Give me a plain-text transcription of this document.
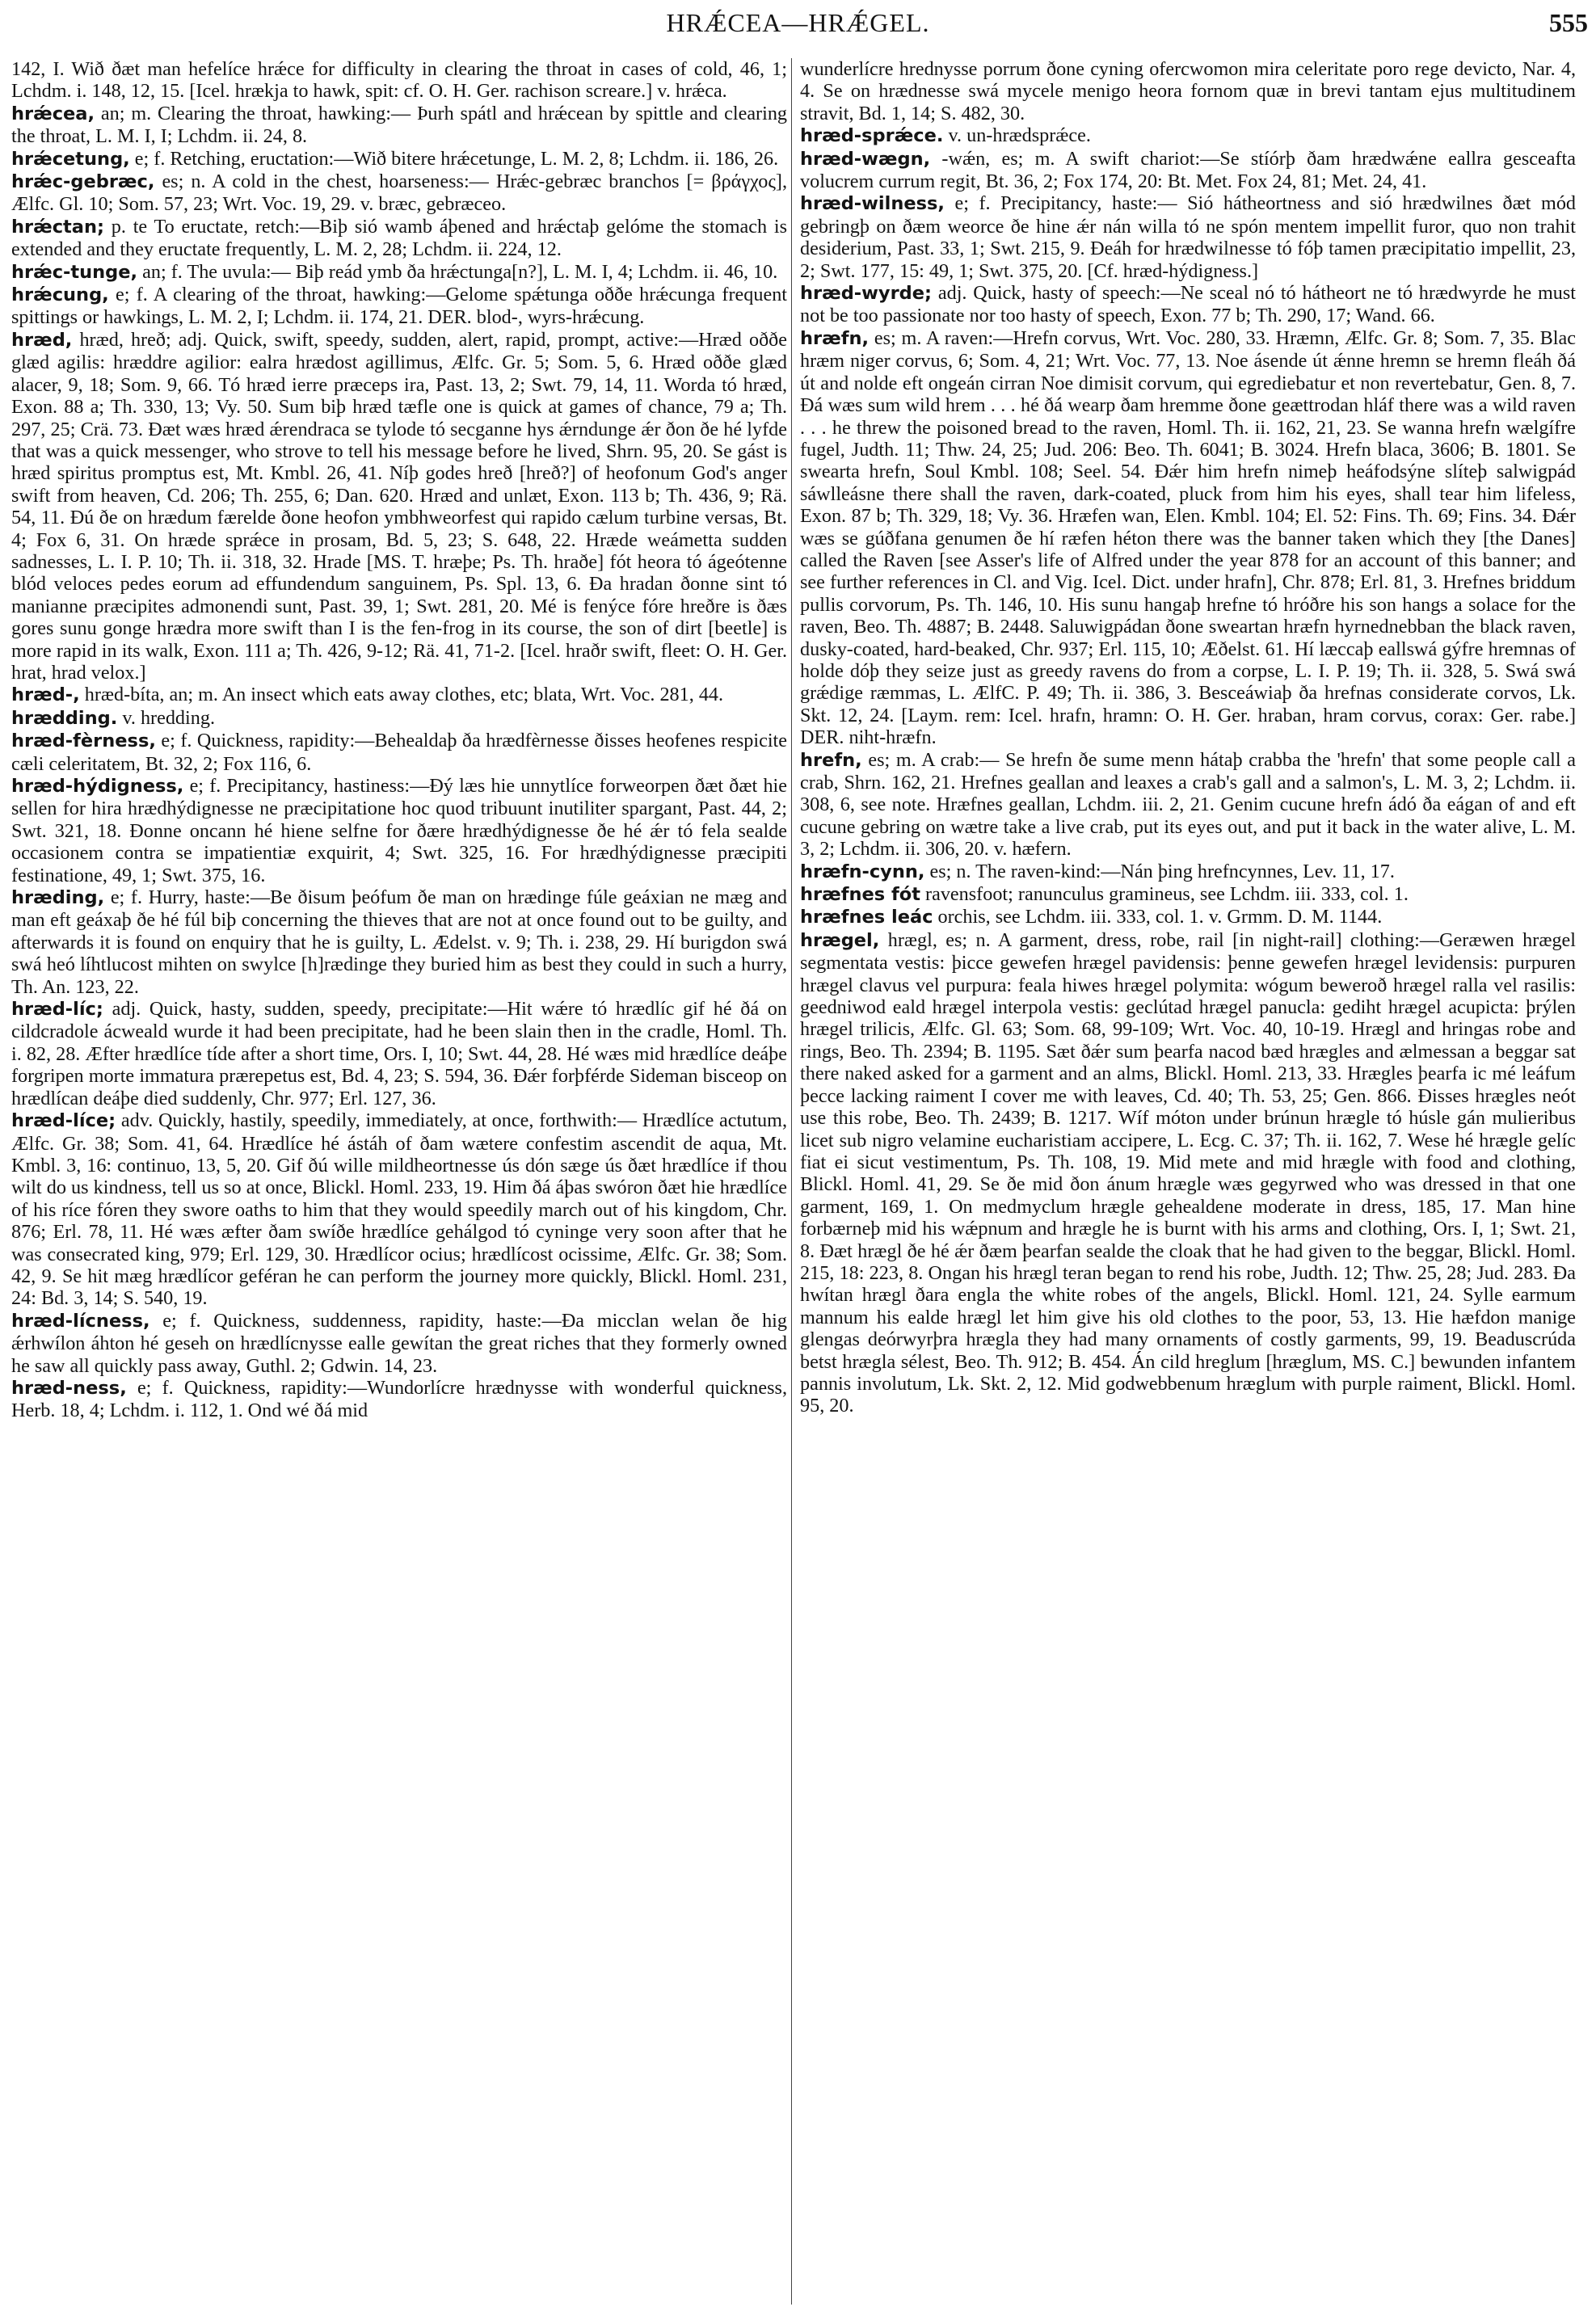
HRǼCEA—HRǼGEL.	555
142, I. Wið ðæt man hefelíce hrǽce for difficulty in clearing the throat in cases of cold, 46, 1; Lchdm. i. 148, 12, 15. [Icel. hrækja to hawk, spit: cf. O. H. Ger. rachison screare.] v. hrǽca.
hrǽcea, an; m. Clearing the throat, hawking:— Þurh spátl and hrǽcean by spittle and clearing the throat, L. M. I, I; Lchdm. ii. 24, 8.
hrǽcetung, e; f. Retching, eructation:—Wið bitere hrǽcetunge, L. M. 2, 8; Lchdm. ii. 186, 26.
hrǽc-gebræc, es; n. A cold in the chest, hoarseness:— Hrǽc-gebræc branchos [= βράγχος], Ælfc. Gl. 10; Som. 57, 23; Wrt. Voc. 19, 29. v. bræc, gebræceo.
hrǽctan; p. te To eructate, retch:—Biþ sió wamb áþened and hrǽctaþ gelóme the stomach is extended and they eructate frequently, L. M. 2, 28; Lchdm. ii. 224, 12.
hrǽc-tunge, an; f. The uvula:— Biþ reád ymb ða hrǽctunga[n?], L. M. I, 4; Lchdm. ii. 46, 10.
hrǽcung, e; f. A clearing of the throat, hawking:—Gelome spǽtunga oððe hrǽcunga frequent spittings or hawkings, L. M. 2, I; Lchdm. ii. 174, 21. DER. blod-, wyrs-hrǽcung.
hræd, hræd, hreð; adj. Quick, swift, speedy, sudden, alert, rapid, prompt, active:—Hræd oððe glæd agilis: hræddre agilior: ealra hrædost agillimus, Ælfc. Gr. 5; Som. 5, 6. Hræd oððe glæd alacer, 9, 18; Som. 9, 66. Tó hræd ierre præceps ira, Past. 13, 2; Swt. 79, 14, 11. Worda tó hræd, Exon. 88 a; Th. 330, 13; Vy. 50. Sum biþ hræd tæfle one is quick at games of chance, 79 a; Th. 297, 25; Crä. 73. Ðæt wæs hræd ǽrendraca se tylode tó secganne hys ǽrndunge ǽr ðon ðe hé lyfde that was a quick messenger, who strove to tell his message before he lived, Shrn. 95, 20. Se gást is hræd spiritus promptus est, Mt. Kmbl. 26, 41. Níþ godes hreð [hreð?] of heofonum God's anger swift from heaven, Cd. 206; Th. 255, 6; Dan. 620. Hræd and unlæt, Exon. 113 b; Th. 436, 9; Rä. 54, 11. Ðú ðe on hrædum færelde ðone heofon ymbhweorfest qui rapido cælum turbine versas, Bt. 4; Fox 6, 31. On hræde sprǽce in prosam, Bd. 5, 23; S. 648, 22. Hræde weámetta sudden sadnesses, L. I. P. 10; Th. ii. 318, 32. Hrade [MS. T. hræþe; Ps. Th. hraðe] fót heora tó ágeótenne blód veloces pedes eorum ad effundendum sanguinem, Ps. Spl. 13, 6. Ða hradan ðonne sint tó manianne præcipites admonendi sunt, Past. 39, 1; Swt. 281, 20. Mé is fenýce fóre hreðre is ðæs gores sunu gonge hrædra more swift than I is the fen-frog in its course, the son of dirt [beetle] is more rapid in its walk, Exon. 111 a; Th. 426, 9-12; Rä. 41, 71-2. [Icel. hraðr swift, fleet: O. H. Ger. hrat, hrad velox.]
hræd-, hræd-bíta, an; m. An insect which eats away clothes, etc; blata, Wrt. Voc. 281, 44.
hrædding. v. hredding.
hræd-fèrness, e; f. Quickness, rapidity:—Behealdaþ ða hrædfèrnesse ðisses heofenes respicite cæli celeritatem, Bt. 32, 2; Fox 116, 6.
hræd-hýdigness, e; f. Precipitancy, hastiness:—Ðý læs hie unnytlíce forweorpen ðæt ðæt hie sellen for hira hrædhýdignesse ne præcipitatione hoc quod tribuunt inutiliter spargant, Past. 44, 2; Swt. 321, 18. Ðonne oncann hé hiene selfne for ðære hrædhýdignesse ðe hé ǽr tó fela sealde occasionem contra se impatientiæ exquirit, 4; Swt. 325, 16. For hrædhýdignesse præcipiti festinatione, 49, 1; Swt. 375, 16.
hræding, e; f. Hurry, haste:—Be ðisum þeófum ðe man on hrædinge fúle geáxian ne mæg and man eft geáxaþ ðe hé fúl biþ concerning the thieves that are not at once found out to be guilty, and afterwards it is found on enquiry that he is guilty, L. Ædelst. v. 9; Th. i. 238, 29. Hí burigdon swá swá heó líhtlucost mihten on swylce [h]rædinge they buried him as best they could in such a hurry, Th. An. 123, 22.
hræd-líc; adj. Quick, hasty, sudden, speedy, precipitate:—Hit wǽre tó hrædlíc gif hé ðá on cildcradole ácweald wurde it had been precipitate, had he been slain then in the cradle, Homl. Th. i. 82, 28. Æfter hrædlíce tíde after a short time, Ors. I, 10; Swt. 44, 28. Hé wæs mid hrædlíce deáþe forgripen morte immatura prærepetus est, Bd. 4, 23; S. 594, 36. Ðǽr forþférde Sideman bisceop on hrædlícan deáþe died suddenly, Chr. 977; Erl. 127, 36.
hræd-líce; adv. Quickly, hastily, speedily, immediately, at once, forthwith:— Hrædlíce actutum, Ælfc. Gr. 38; Som. 41, 64. Hrædlíce hé ástáh of ðam wætere confestim ascendit de aqua, Mt. Kmbl. 3, 16: continuo, 13, 5, 20. Gif ðú wille mildheortnesse ús dón sæge ús ðæt hrædlíce if thou wilt do us kindness, tell us so at once, Blickl. Homl. 233, 19. Him ðá áþas swóron ðæt hie hrædlíce of his ríce fóren they swore oaths to him that they would speedily march out of his kingdom, Chr. 876; Erl. 78, 11. Hé wæs æfter ðam swíðe hrædlíce gehálgod tó cyninge very soon after that he was consecrated king, 979; Erl. 129, 30. Hrædlícor ocius; hrædlícost ocissime, Ælfc. Gr. 38; Som. 42, 9. Se hit mæg hrædlícor geféran he can perform the journey more quickly, Blickl. Homl. 231, 24: Bd. 3, 14; S. 540, 19.
hræd-lícness, e; f. Quickness, suddenness, rapidity, haste:—Ða micclan welan ðe hig ǽrhwílon áhton hé geseh on hrædlícnysse ealle gewítan the great riches that they formerly owned he saw all quickly pass away, Guthl. 2; Gdwin. 14, 23.
hræd-ness, e; f. Quickness, rapidity:—Wundorlícre hrædnysse with wonderful quickness, Herb. 18, 4; Lchdm. i. 112, 1. Ond wé ðá mid
wunderlícre hrednysse porrum ðone cyning ofercwomon mira celeritate poro rege devicto, Nar. 4, 4. Se on hrædnesse swá mycele menigo heora fornom quæ in brevi tantam ejus multitudinem stravit, Bd. 1, 14; S. 482, 30.
hræd-sprǽce. v. un-hrædsprǽce.
hræd-wægn, -wǽn, es; m. A swift chariot:—Se stíórþ ðam hrædwǽne eallra gesceafta volucrem currum regit, Bt. 36, 2; Fox 174, 20: Bt. Met. Fox 24, 81; Met. 24, 41.
hræd-wilness, e; f. Precipitancy, haste:— Sió hátheortness and sió hrædwilnes ðæt mód gebringþ on ðæm weorce ðe hine ǽr nán willa tó ne spón mentem impellit furor, quo non trahit desiderium, Past. 33, 1; Swt. 215, 9. Ðeáh for hrædwilnesse tó fóþ tamen præcipitatio impellit, 23, 2; Swt. 177, 15: 49, 1; Swt. 375, 20. [Cf. hræd-hýdigness.]
hræd-wyrde; adj. Quick, hasty of speech:—Ne sceal nó tó hátheort ne tó hrædwyrde he must not be too passionate nor too hasty of speech, Exon. 77 b; Th. 290, 17; Wand. 66.
hræfn, es; m. A raven:—Hrefn corvus, Wrt. Voc. 280, 33. Hræmn, Ælfc. Gr. 8; Som. 7, 35. Blac hræm niger corvus, 6; Som. 4, 21; Wrt. Voc. 77, 13. Noe ásende út ǽnne hremn se hremn fleáh ðá út and nolde eft ongeán cirran Noe dimisit corvum, qui egrediebatur et non revertebatur, Gen. 8, 7. Ðá wæs sum wild hrem . . . hé ðá wearp ðam hremme ðone geættrodan hláf there was a wild raven . . . he threw the poisoned bread to the raven, Homl. Th. ii. 162, 21, 23. Se wanna hrefn wælgífre fugel, Judth. 11; Thw. 24, 25; Jud. 206: Beo. Th. 6041; B. 3024. Hrefn blaca, 3606; B. 1801. Se swearta hrefn, Soul Kmbl. 108; Seel. 54. Ðǽr him hrefn nimeþ heáfodsýne slíteþ salwigpád sáwlleásne there shall the raven, dark-coated, pluck from him his eyes, shall tear him lifeless, Exon. 87 b; Th. 329, 18; Vy. 36. Hræfen wan, Elen. Kmbl. 104; El. 52: Fins. Th. 69; Fins. 34. Ðǽr wæs se gúðfana genumen ðe hí ræfen héton there was the banner taken which they [the Danes] called the Raven [see Asser's life of Alfred under the year 878 for an account of this banner; and see further references in Cl. and Vig. Icel. Dict. under hrafn], Chr. 878; Erl. 81, 3. Hrefnes briddum pullis corvorum, Ps. Th. 146, 10. His sunu hangaþ hrefne tó hróðre his son hangs a solace for the raven, Beo. Th. 4887; B. 2448. Saluwigpádan ðone sweartan hræfn hyrnednebban the black raven, dusky-coated, hard-beaked, Chr. 937; Erl. 115, 10; Æðelst. 61. Hí læccaþ eallswá gýfre hremnas of holde dóþ they seize just as greedy ravens do from a corpse, L. I. P. 19; Th. ii. 328, 5. Swá swá grǽdige ræmmas, L. ÆlfC. P. 49; Th. ii. 386, 3. Besceáwiaþ ða hrefnas considerate corvos, Lk. Skt. 12, 24. [Laym. rem: Icel. hrafn, hramn: O. H. Ger. hraban, hram corvus, corax: Ger. rabe.] DER. niht-hræfn.
hrefn, es; m. A crab:— Se hrefn ðe sume menn hátaþ crabba the 'hrefn' that some people call a crab, Shrn. 162, 21. Hrefnes geallan and leaxes a crab's gall and a salmon's, L. M. 3, 2; Lchdm. ii. 308, 6, see note. Hræfnes geallan, Lchdm. iii. 2, 21. Genim cucune hrefn ádó ða eágan of and eft cucune gebring on wætre take a live crab, put its eyes out, and put it back in the water alive, L. M. 3, 2; Lchdm. ii. 306, 20. v. hæfern.
hræfn-cynn, es; n. The raven-kind:—Nán þing hrefncynnes, Lev. 11, 17.
hræfnes fót ravensfoot; ranunculus gramineus, see Lchdm. iii. 333, col. 1.
hræfnes leác orchis, see Lchdm. iii. 333, col. 1. v. Grmm. D. M. 1144.
hrægel, hrægl, es; n. A garment, dress, robe, rail [in night-rail] clothing:—Geræwen hrægel segmentata vestis: þicce gewefen hrægel pavidensis: þenne gewefen hrægel levidensis: purpuren hrægel clavus vel purpura: feala hiwes hrægel polymita: wógum beweroð hrægel ralla vel rasilis: geedniwod eald hrægel interpola vestis: geclútad hrægel panucla: gediht hrægel acupicta: þrýlen hrægel trilicis, Ælfc. Gl. 63; Som. 68, 99-109; Wrt. Voc. 40, 10-19. Hrægl and hringas robe and rings, Beo. Th. 2394; B. 1195. Sæt ðǽr sum þearfa nacod bæd hrægles and ælmessan a beggar sat there naked asked for a garment and an alms, Blickl. Homl. 213, 33. Hrægles þearfa ic mé leáfum þecce lacking raiment I cover me with leaves, Cd. 40; Th. 53, 25; Gen. 866. Ðisses hrægles neót use this robe, Beo. Th. 2439; B. 1217. Wíf móton under brúnun hrægle tó húsle gán mulieribus licet sub nigro velamine eucharistiam accipere, L. Ecg. C. 37; Th. ii. 162, 7. Wese hé hrægle gelíc fiat ei sicut vestimentum, Ps. Th. 108, 19. Mid mete and mid hrægle with food and clothing, Blickl. Homl. 41, 29. Se ðe mid ðon ánum hrægle wæs gegyrwed who was dressed in that one garment, 169, 1. On medmyclum hrægle gehealdene moderate in dress, 185, 17. Man hine forbærneþ mid his wǽpnum and hrægle he is burnt with his arms and clothing, Ors. I, 1; Swt. 21, 8. Ðæt hrægl ðe hé ǽr ðæm þearfan sealde the cloak that he had given to the beggar, Blickl. Homl. 215, 18: 223, 8. Ongan his hrægl teran began to rend his robe, Judth. 12; Thw. 25, 28; Jud. 283. Ða hwítan hrægl ðara engla the white robes of the angels, Blickl. Homl. 121, 24. Sylle earmum mannum his ealde hrægl let him give his old clothes to the poor, 53, 13. Hie hæfdon manige glengas deórwyrþra hrægla they had many ornaments of costly garments, 99, 19. Beaduscrúda betst hrægla sélest, Beo. Th. 912; B. 454. Án cild hreglum [hræglum, MS. C.] bewunden infantem pannis involutum, Lk. Skt. 2, 12. Mid godwebbenum hræglum with purple raiment, Blickl. Homl. 95, 20.
